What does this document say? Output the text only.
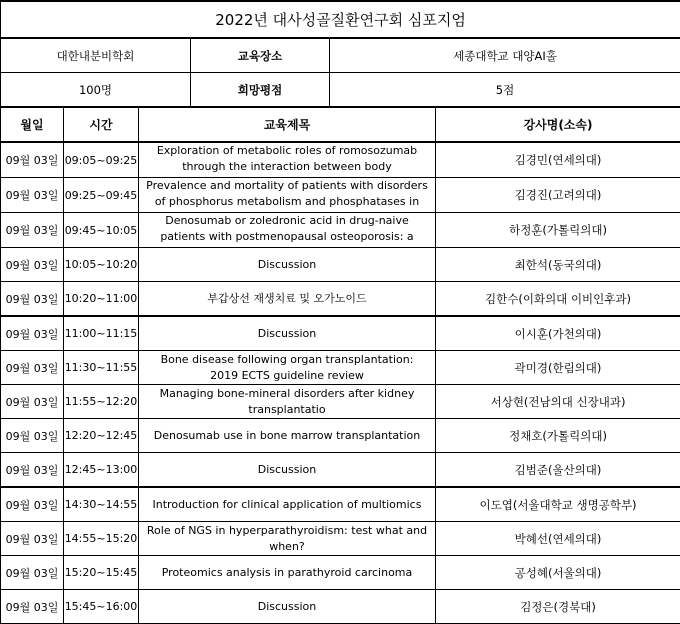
2022년 대사성골질환연구회 심포지엄					
대한내분비학회			교육장소	세종대학교 대양AI홀	
100명			희망평점	5점	
월일	시간	교육제목			강사명(소속)
09월 03일	09:05~09:25	Exploration of metabolic roles of romosozumab through the interaction between body			김경민(연세의대)
09월 03일	09:25~09:45	Prevalence and mortality of patients with disorders of phosphorus metabolism and phosphatases in			김경진(고려의대)
09월 03일	09:45~10:05	Denosumab or zoledronic acid in drug-naive patients with postmenopausal osteoporosis: a			하정훈(가톨릭의대)
09월 03일	10:05~10:20	Discussion			최한석(동국의대)
09월 03일	10:20~11:00	부갑상선 재생치료 및 오가노이드			김한수(이화의대 이비인후과)
09월 03일	11:00~11:15	Discussion			이시훈(가천의대)
09월 03일	11:30~11:55	Bone disease following organ transplantation: 2019 ECTS guideline review			곽미경(한림의대)
09월 03일	11:55~12:20	Managing bone-mineral disorders after kidney transplantatio			서상현(전남의대 신장내과)
09월 03일	12:20~12:45	Denosumab use in bone marrow transplantation			정채호(가톨릭의대)
09월 03일	12:45~13:00	Discussion			김범준(울산의대)
09월 03일	14:30~14:55	Introduction for clinical application of multiomics			이도엽(서울대학교 생명공학부)
09월 03일	14:55~15:20	Role of NGS in hyperparathyroidism: test what and when?			박혜선(연세의대)
09월 03일	15:20~15:45	Proteomics analysis in parathyroid carcinoma			공성혜(서울의대)
09월 03일	15:45~16:00	Discussion			김정은(경북대)
